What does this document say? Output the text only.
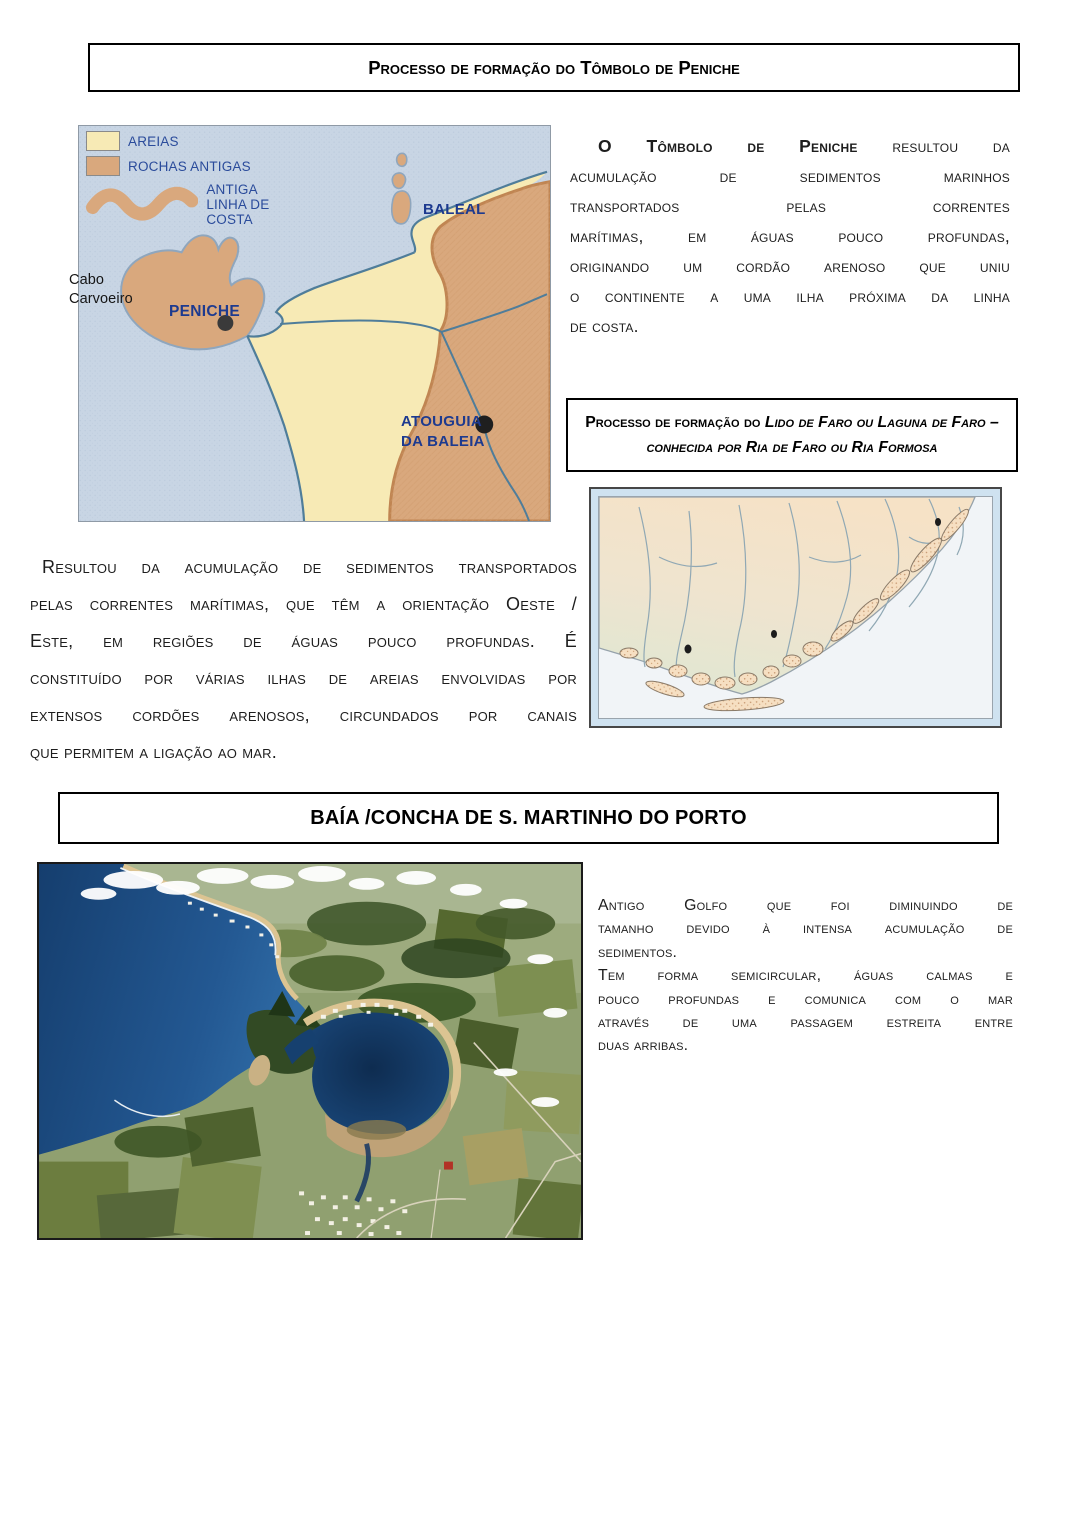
Processo de formação do Tômbolo de Peniche
AREIAS
ROCHAS ANTIGAS
ANTIGA LINHA DE COSTA
BALEAL
Cabo
Carvoeiro
PENICHE
ATOUGUIA
DA BALEIA
O Tômbolo de Peniche resultou da
acumulação de sedimentos marinhos
transportados pelas correntes
marítimas, em águas pouco profundas,
originando um cordão arenoso que uniu
o continente a uma ilha próxima da linha
de costa.
Processo de formação do Lido de Faro ou Laguna de Faro – conhecida por Ria de Faro ou Ria Formosa
Resultou da acumulação de sedimentos transportados
pelas correntes marítimas, que têm a orientação Oeste /
Este, em regiões de águas pouco profundas. É
constituído por várias ilhas de areias envolvidas por
extensos cordões arenosos, circundados por canais
que permitem a ligação ao mar.
BAÍA /CONCHA DE S. MARTINHO DO PORTO
Antigo Golfo que foi diminuindo de
tamanho devido à intensa acumulação de
sedimentos.
Tem forma semicircular, águas calmas e
pouco profundas e comunica com o mar
através de uma passagem estreita entre
duas arribas.
